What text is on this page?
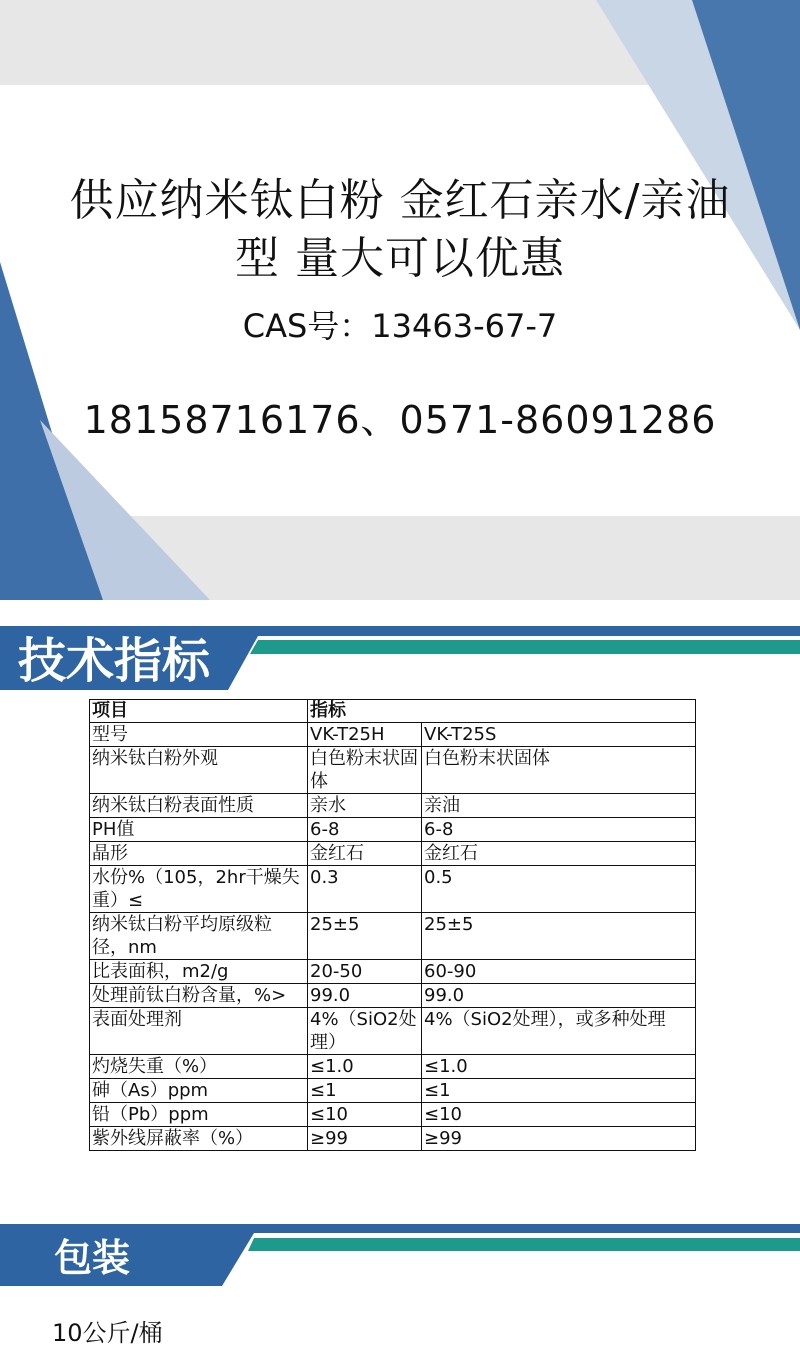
供应纳米钛白粉 金红石亲水/亲油
型 量大可以优惠
CAS号：13463-67-7
18158716176、0571-86091286
技术指标
项目	指标	
型号	VK-T25H	VK-T25S
纳米钛白粉外观	白色粉末状固体	白色粉末状固体
纳米钛白粉表面性质	亲水	亲油
PH值	6-8	6-8
晶形	金红石	金红石
水份%（105，2hr干燥失重）≤	0.3	0.5
纳米钛白粉平均原级粒径，nm	25±5	25±5
比表面积，m2/g	20-50	60-90
处理前钛白粉含量，%>	99.0	99.0
表面处理剂	4%（SiO2处理）	4%（SiO2处理），或多种处理
灼烧失重（%）	≤1.0	≤1.0
砷（As）ppm	≤1	≤1
铅（Pb）ppm	≤10	≤10
紫外线屏蔽率（%）	≥99	≥99
包装
10公斤/桶
